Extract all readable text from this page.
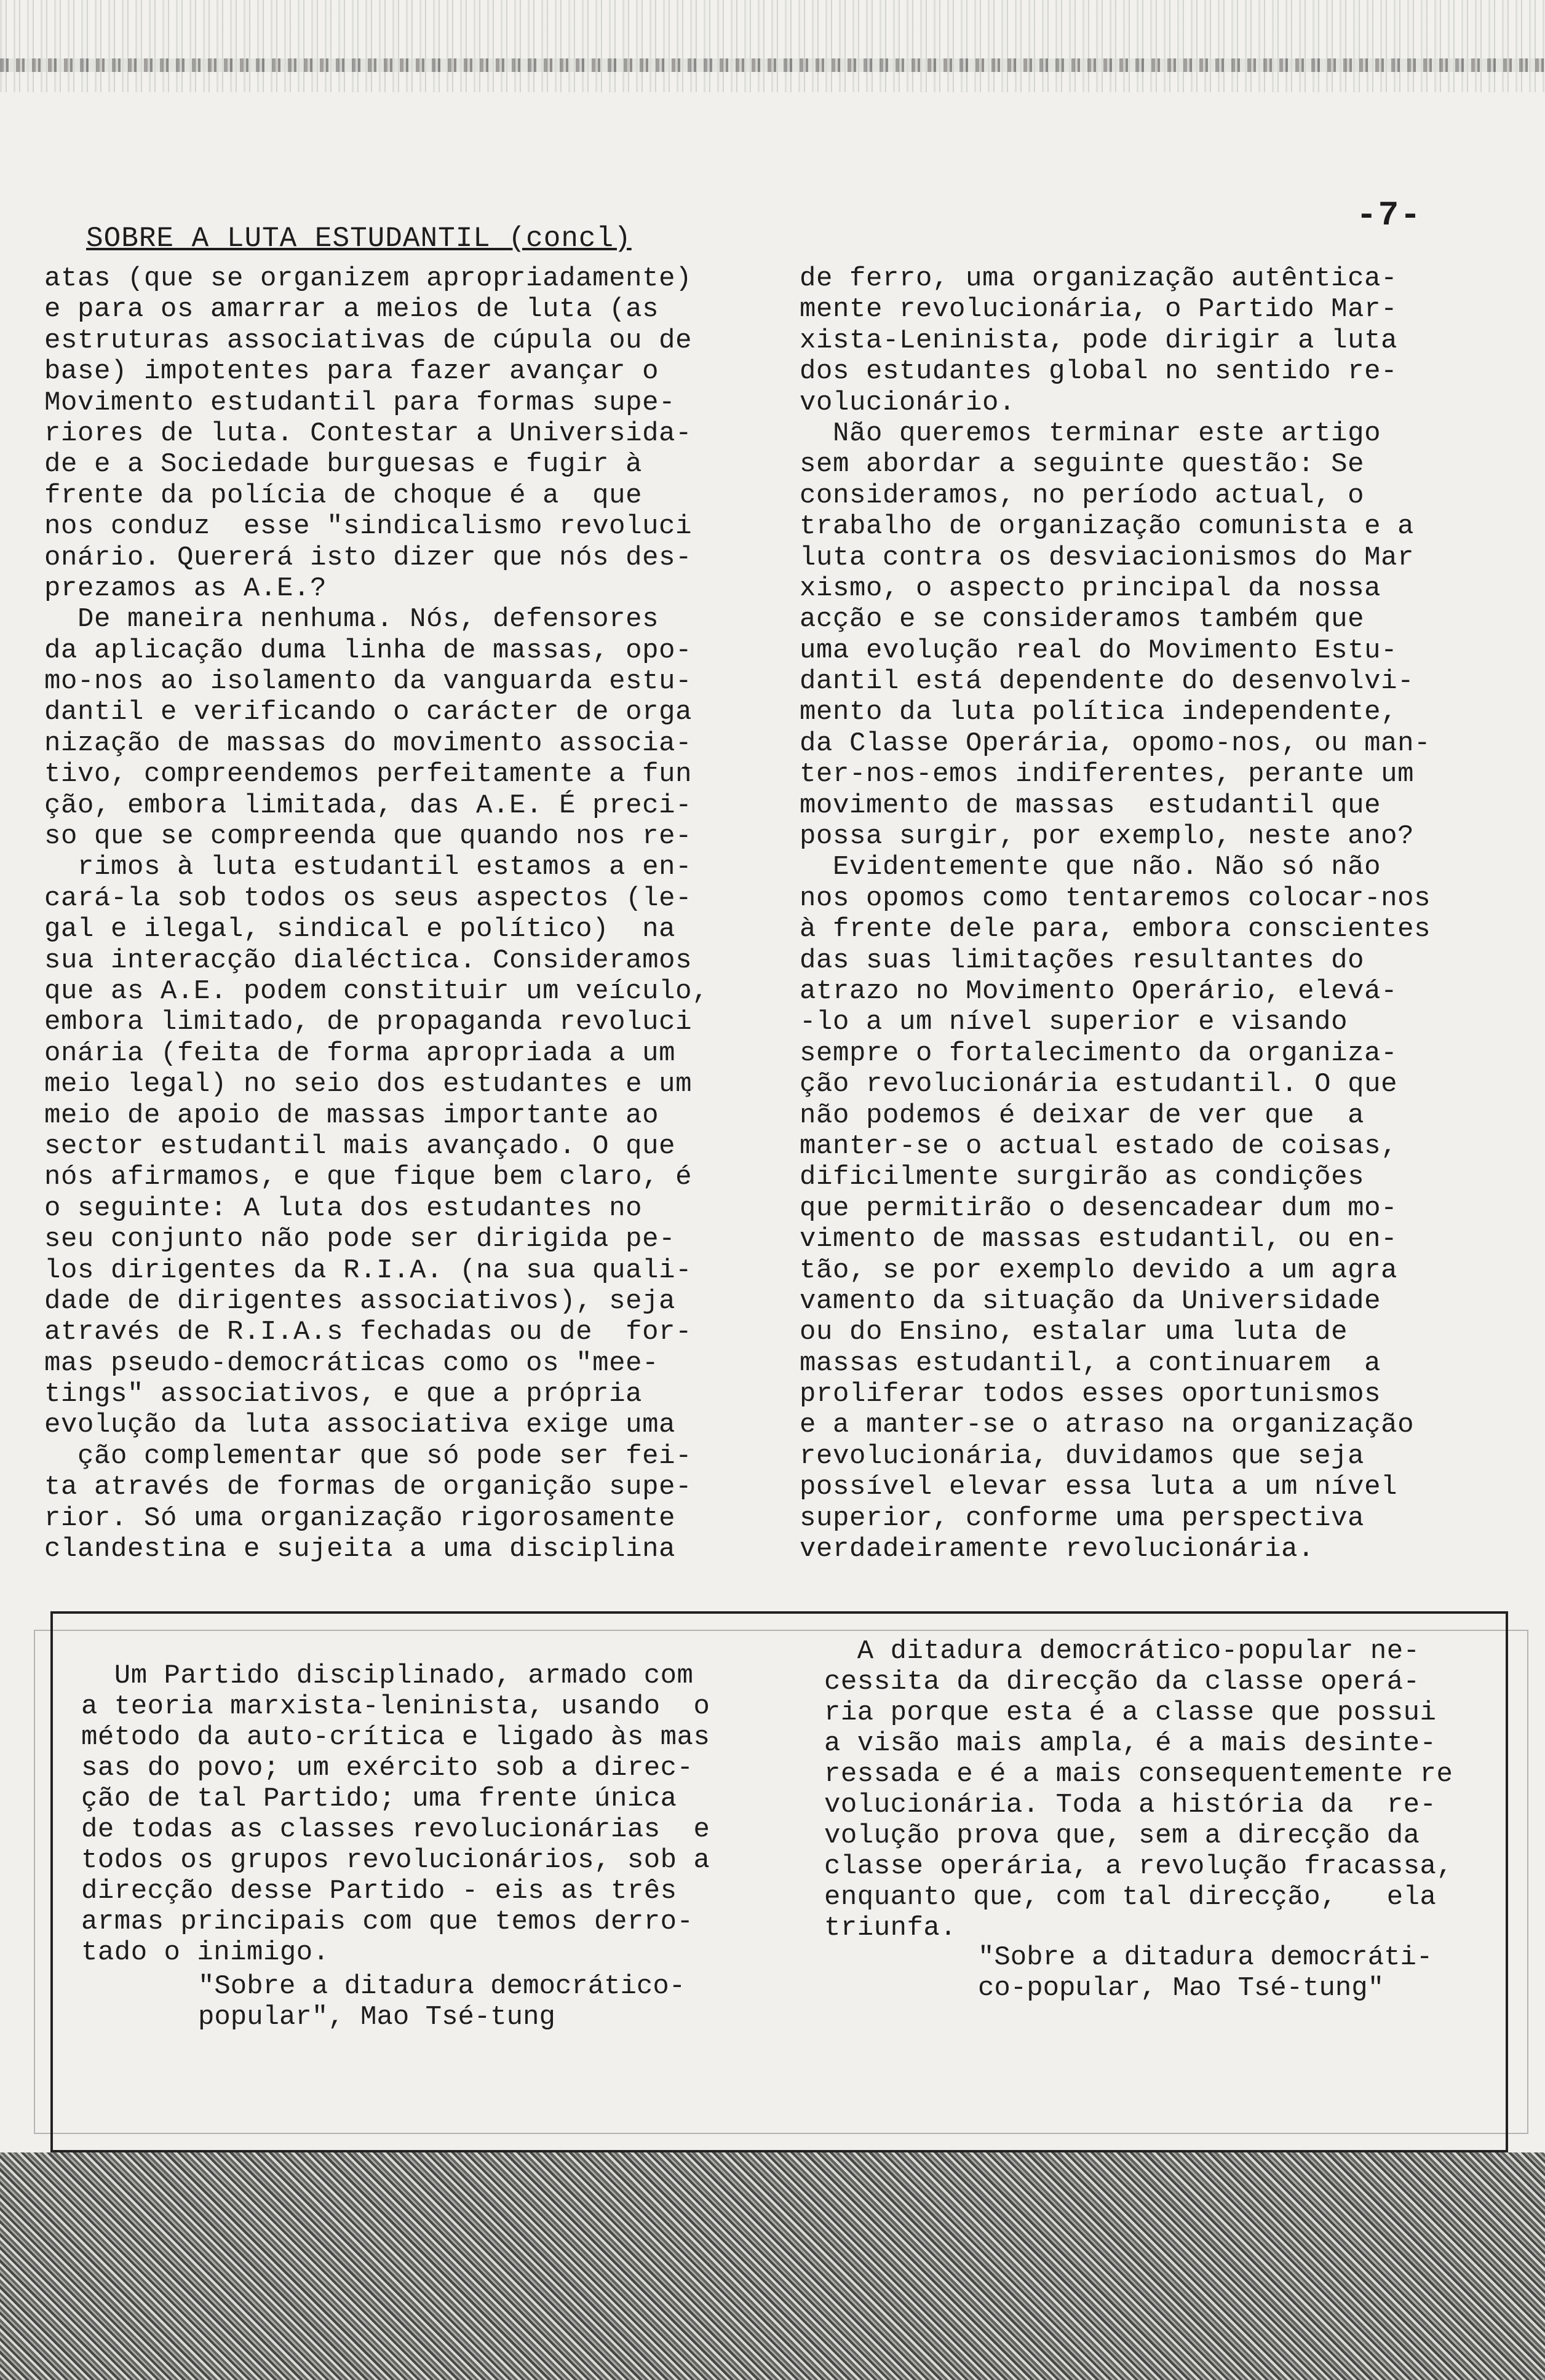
-7-
SOBRE A LUTA ESTUDANTIL (concl)
atas (que se organizem apropriadamente)
e para os amarrar a meios de luta (as
estruturas associativas de cúpula ou de
base) impotentes para fazer avançar o
Movimento estudantil para formas supe-
riores de luta. Contestar a Universida-
de e a Sociedade burguesas e fugir à
frente da polícia de choque é a  que
nos conduz  esse "sindicalismo revoluci
onário. Quererá isto dizer que nós des-
prezamos as A.E.?
De maneira nenhuma. Nós, defensores
da aplicação duma linha de massas, opo-
mo-nos ao isolamento da vanguarda estu-
dantil e verificando o carácter de orga
nização de massas do movimento associa-
tivo, compreendemos perfeitamente a fun
ção, embora limitada, das A.E. É preci-
so que se compreenda que quando nos re-
rimos à luta estudantil estamos a en-
cará-la sob todos os seus aspectos (le-
gal e ilegal, sindical e político)  na
sua interacção dialéctica. Consideramos
que as A.E. podem constituir um veículo,
embora limitado, de propaganda revoluci
onária (feita de forma apropriada a um
meio legal) no seio dos estudantes e um
meio de apoio de massas importante ao
sector estudantil mais avançado. O que
nós afirmamos, e que fique bem claro, é
o seguinte: A luta dos estudantes no
seu conjunto não pode ser dirigida pe-
los dirigentes da R.I.A. (na sua quali-
dade de dirigentes associativos), seja
através de R.I.A.s fechadas ou de  for-
mas pseudo-democráticas como os "mee-
tings" associativos, e que a própria
evolução da luta associativa exige uma
ção complementar que só pode ser fei-
ta através de formas de organição supe-
rior. Só uma organização rigorosamente
clandestina e sujeita a uma disciplina
de ferro, uma organização autêntica-
mente revolucionária, o Partido Mar-
xista-Leninista, pode dirigir a luta
dos estudantes global no sentido re-
volucionário.
Não queremos terminar este artigo
sem abordar a seguinte questão: Se
consideramos, no período actual, o
trabalho de organização comunista e a
luta contra os desviacionismos do Mar
xismo, o aspecto principal da nossa
acção e se consideramos também que
uma evolução real do Movimento Estu-
dantil está dependente do desenvolvi-
mento da luta política independente,
da Classe Operária, opomo-nos, ou man-
ter-nos-emos indiferentes, perante um
movimento de massas  estudantil que
possa surgir, por exemplo, neste ano?
Evidentemente que não. Não só não
nos opomos como tentaremos colocar-nos
à frente dele para, embora conscientes
das suas limitações resultantes do
atrazo no Movimento Operário, elevá-
-lo a um nível superior e visando
sempre o fortalecimento da organiza-
ção revolucionária estudantil. O que
não podemos é deixar de ver que  a
manter-se o actual estado de coisas,
dificilmente surgirão as condições
que permitirão o desencadear dum mo-
vimento de massas estudantil, ou en-
tão, se por exemplo devido a um agra
vamento da situação da Universidade
ou do Ensino, estalar uma luta de
massas estudantil, a continuarem  a
proliferar todos esses oportunismos
e a manter-se o atraso na organização
revolucionária, duvidamos que seja
possível elevar essa luta a um nível
superior, conforme uma perspectiva
verdadeiramente revolucionária.
Um Partido disciplinado, armado com
a teoria marxista-leninista, usando  o
método da auto-crítica e ligado às mas
sas do povo; um exército sob a direc-
ção de tal Partido; uma frente única
de todas as classes revolucionárias  e
todos os grupos revolucionários, sob a
direcção desse Partido - eis as três
armas principais com que temos derro-
tado o inimigo.
"Sobre a ditadura democrático-
popular", Mao Tsé-tung
A ditadura democrático-popular ne-
cessita da direcção da classe operá-
ria porque esta é a classe que possui
a visão mais ampla, é a mais desinte-
ressada e é a mais consequentemente re
volucionária. Toda a história da  re-
volução prova que, sem a direcção da
classe operária, a revolução fracassa,
enquanto que, com tal direcção,   ela
triunfa.
"Sobre a ditadura democráti-
co-popular, Mao Tsé-tung"
